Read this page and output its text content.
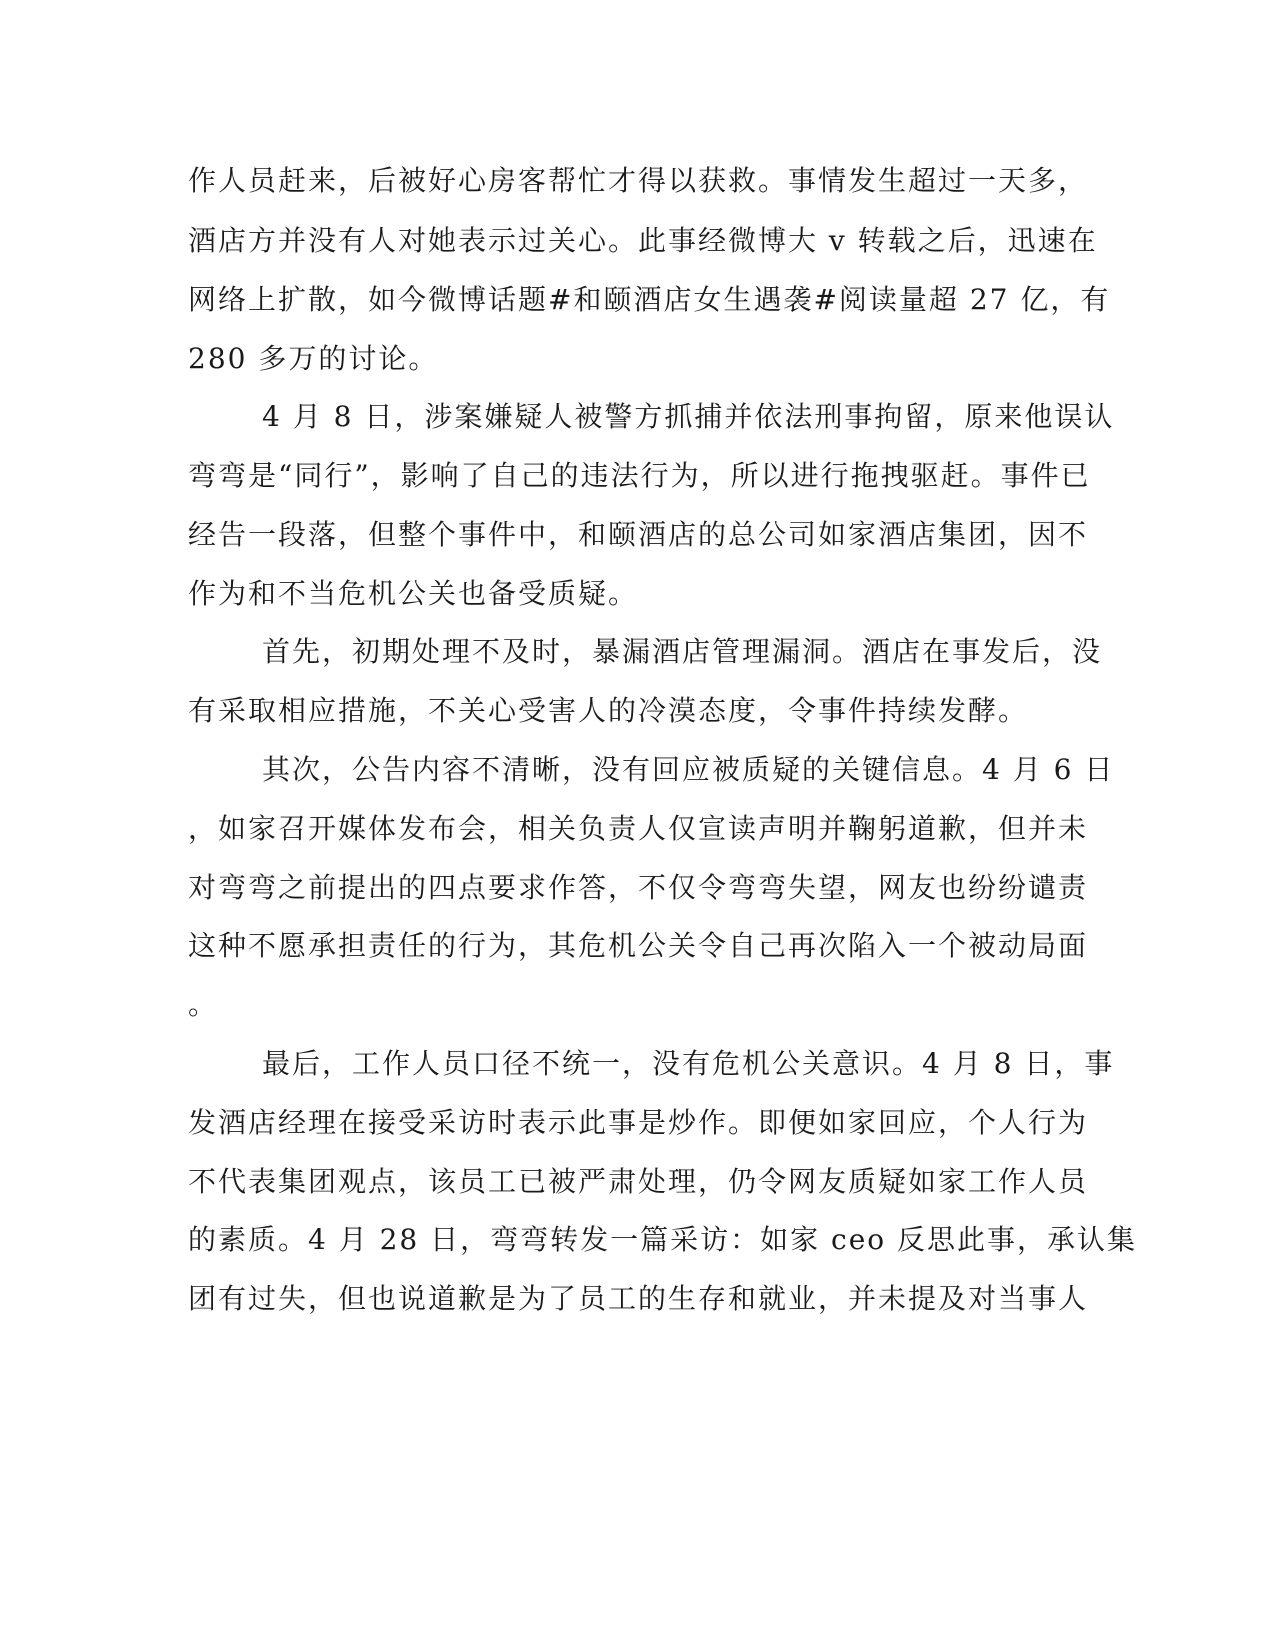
作人员赶来，后被好心房客帮忙才得以获救。事情发生超过一天多，
酒店方并没有人对她表示过关心。此事经微博大 v 转载之后，迅速在
网络上扩散，如今微博话题#和颐酒店女生遇袭#阅读量超 27 亿，有
280 多万的讨论。
4 月 8 日，涉案嫌疑人被警方抓捕并依法刑事拘留，原来他误认
弯弯是“同行”，影响了自己的违法行为，所以进行拖拽驱赶。事件已
经告一段落，但整个事件中，和颐酒店的总公司如家酒店集团，因不
作为和不当危机公关也备受质疑。
首先，初期处理不及时，暴漏酒店管理漏洞。酒店在事发后，没
有采取相应措施，不关心受害人的冷漠态度，令事件持续发酵。
其次，公告内容不清晰，没有回应被质疑的关键信息。4 月 6 日
，如家召开媒体发布会，相关负责人仅宣读声明并鞠躬道歉，但并未
对弯弯之前提出的四点要求作答，不仅令弯弯失望，网友也纷纷谴责
这种不愿承担责任的行为，其危机公关令自己再次陷入一个被动局面
。
最后，工作人员口径不统一，没有危机公关意识。4 月 8 日，事
发酒店经理在接受采访时表示此事是炒作。即便如家回应，个人行为
不代表集团观点，该员工已被严肃处理，仍令网友质疑如家工作人员
的素质。4 月 28 日，弯弯转发一篇采访：如家 ceo 反思此事，承认集
团有过失，但也说道歉是为了员工的生存和就业，并未提及对当事人
